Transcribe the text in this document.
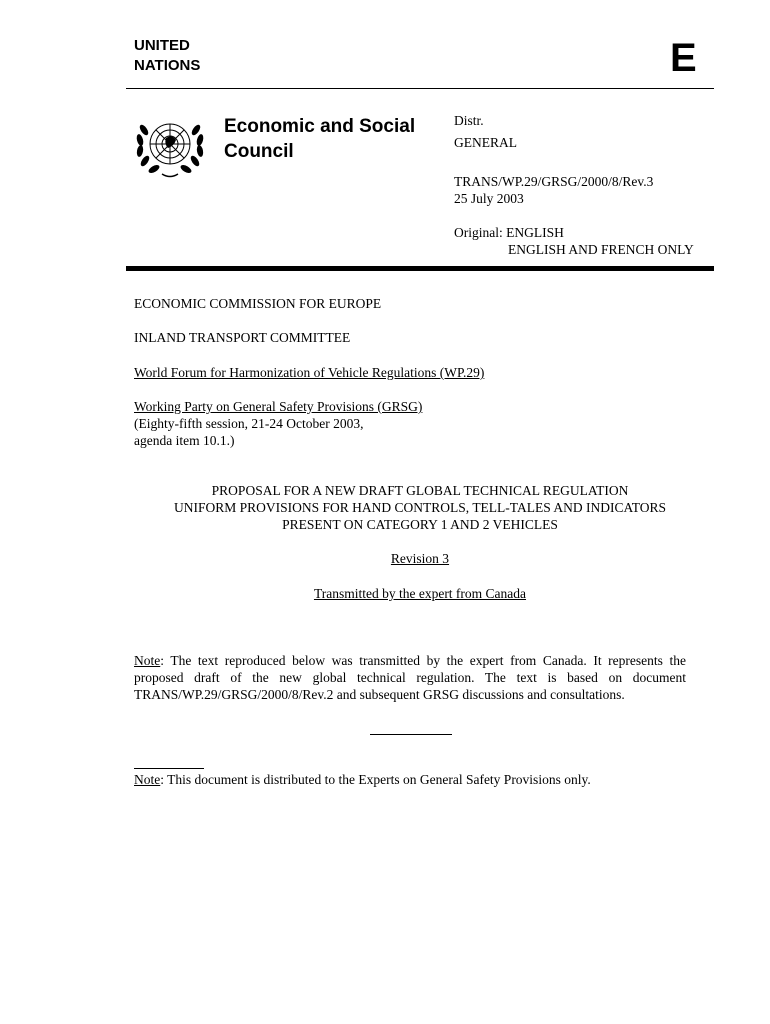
UNITED
NATIONS	E
Economic and Social
Council
Distr.
GENERAL
TRANS/WP.29/GRSG/2000/8/Rev.3
25 July 2003
Original: ENGLISH
ENGLISH AND FRENCH ONLY
ECONOMIC COMMISSION FOR EUROPE
INLAND TRANSPORT COMMITTEE
World Forum for Harmonization of Vehicle Regulations (WP.29)
Working Party on General Safety Provisions (GRSG)
(Eighty-fifth session, 21-24 October 2003,
agenda item 10.1.)
PROPOSAL FOR A NEW DRAFT GLOBAL TECHNICAL REGULATION
UNIFORM PROVISIONS FOR HAND CONTROLS, TELL-TALES AND INDICATORS
PRESENT ON CATEGORY 1 AND 2 VEHICLES
Revision 3
Transmitted by the expert from Canada
Note: The text reproduced below was transmitted by the expert from Canada. It represents the proposed draft of the new global technical regulation. The text is based on document TRANS/WP.29/GRSG/2000/8/Rev.2 and subsequent GRSG discussions and consultations.
Note: This document is distributed to the Experts on General Safety Provisions only.
